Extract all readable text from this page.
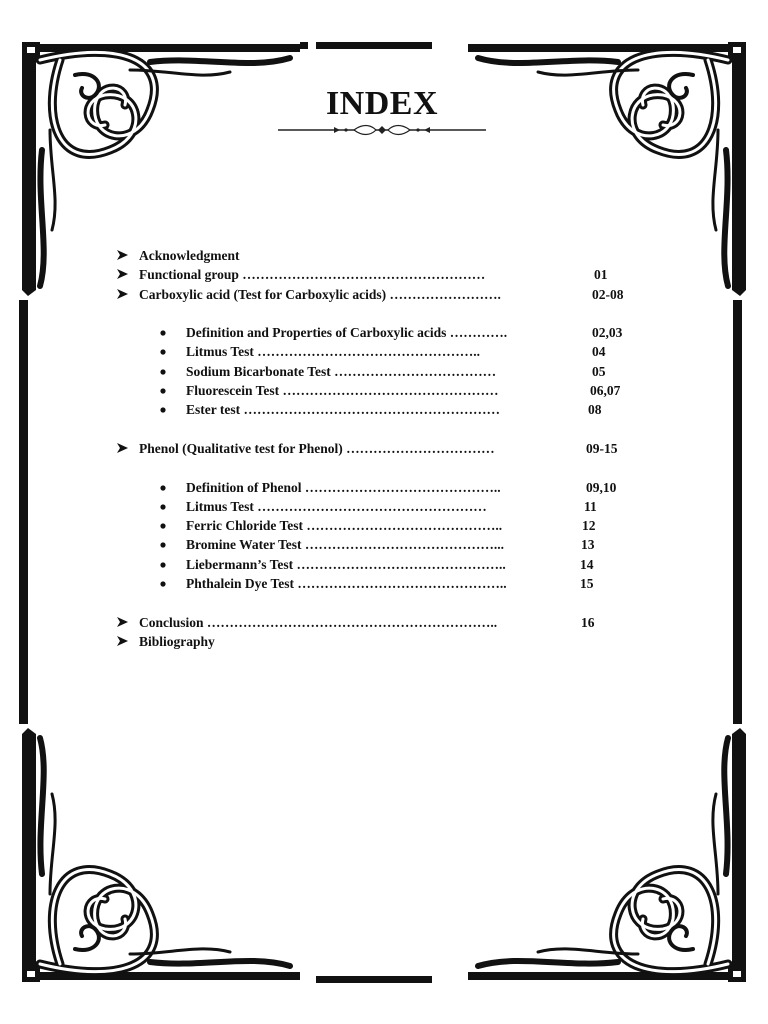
INDEX
Acknowledgment
Functional group ………………………………………………	01
Carboxylic acid (Test for Carboxylic acids) …………………….	02-08
Definition and Properties of Carboxylic acids ………….	02,03
Litmus Test …………………………………………..	04
Sodium Bicarbonate Test ………………………………	05
Fluorescein Test …………………………………………	06,07
Ester test …………………………………………………	08
Phenol (Qualitative test for Phenol) ……………………………	09-15
Definition of Phenol ……………………………………..	09,10
Litmus Test ……………………………………………	11
Ferric Chloride Test ……………………………………..	12
Bromine Water Test ……………………………………...	13
Liebermann’s Test ………………………………………..	14
Phthalein Dye Test ………………………………………..	15
Conclusion ………………………………………………………..	16
Bibliography
